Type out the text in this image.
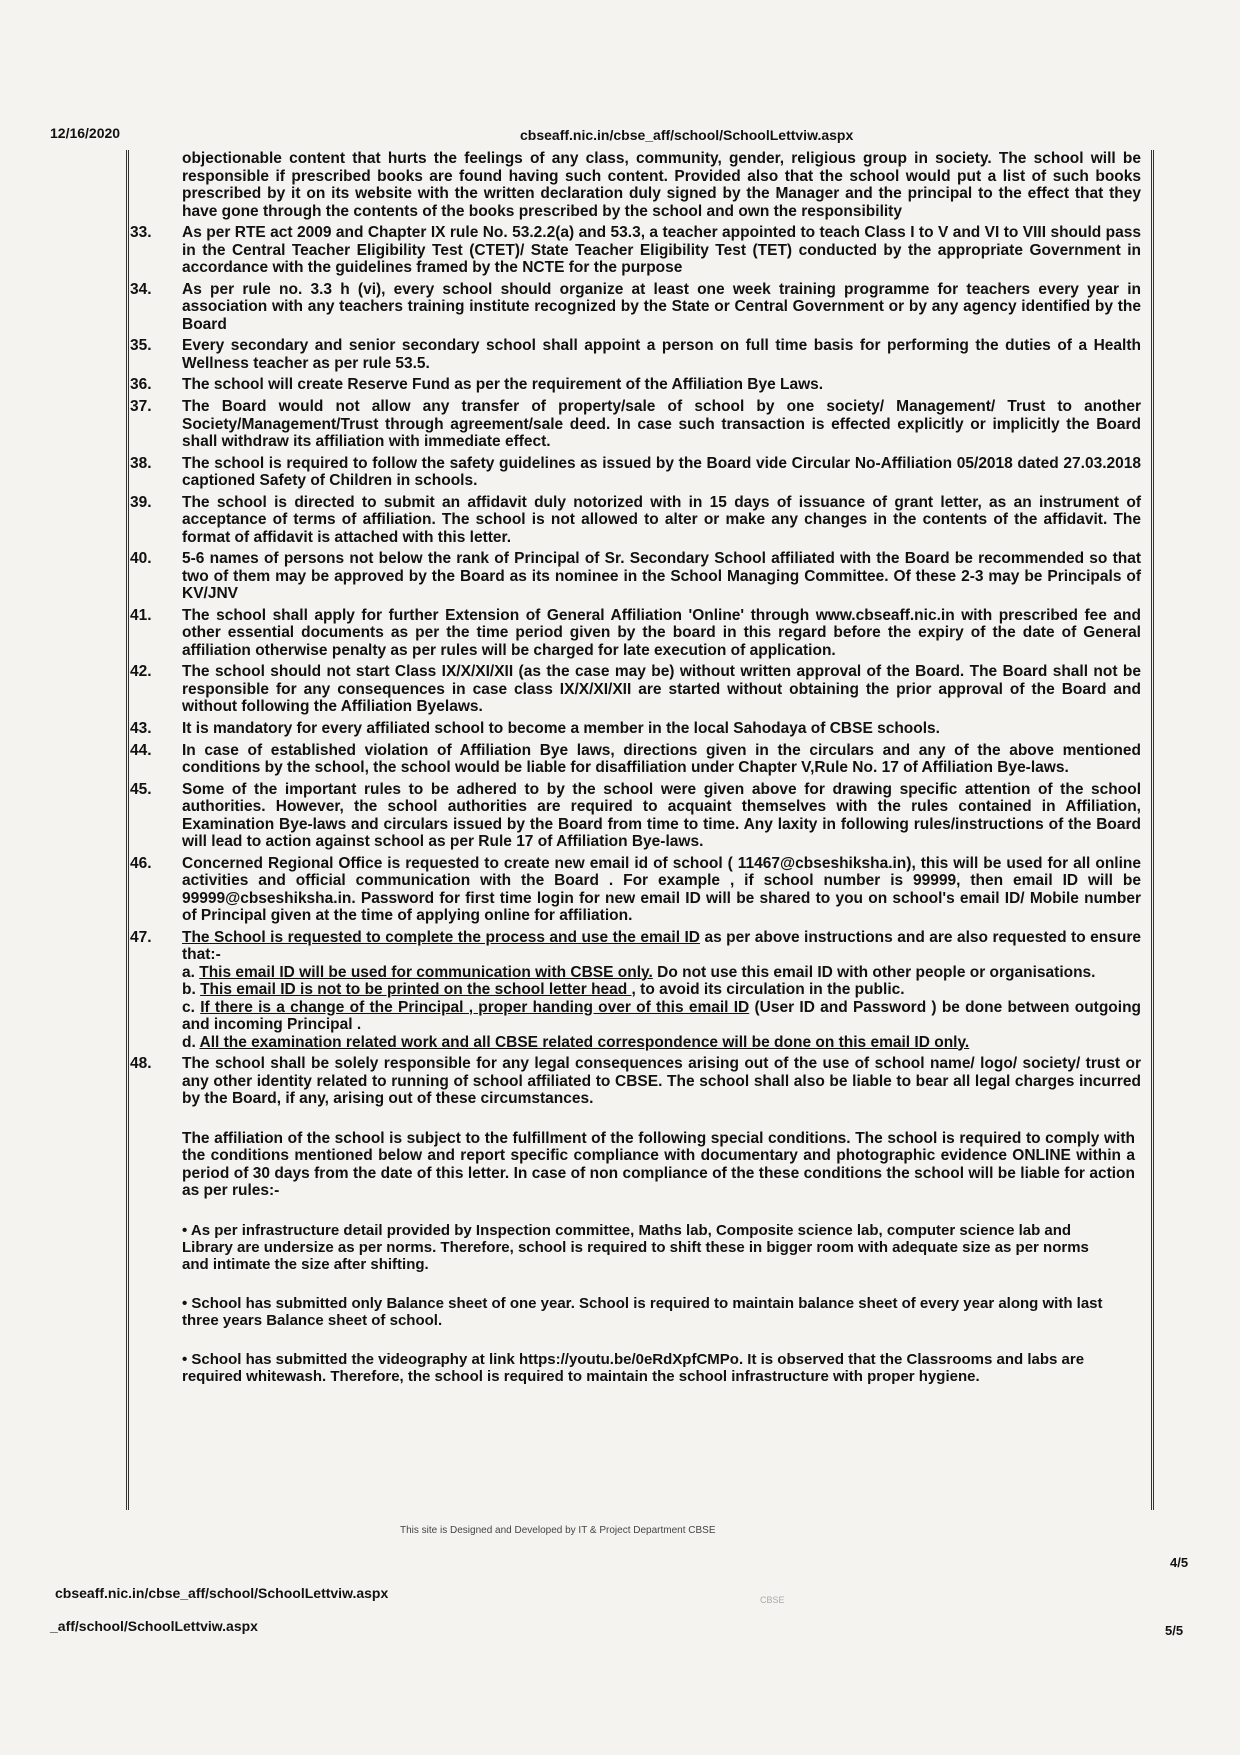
12/16/2020	cbseaff.nic.in/cbse_aff/school/SchoolLettviw.aspx
objectionable content that hurts the feelings of any class, community, gender, religious group in society. The school will be responsible if prescribed books are found having such content. Provided also that the school would put a list of such books prescribed by it on its website with the written declaration duly signed by the Manager and the principal to the effect that they have gone through the contents of the books prescribed by the school and own the responsibility
33.	As per RTE act 2009 and Chapter IX rule No. 53.2.2(a) and 53.3, a teacher appointed to teach Class I to V and VI to VIII should pass in the Central Teacher Eligibility Test (CTET)/ State Teacher Eligibility Test (TET) conducted by the appropriate Government in accordance with the guidelines framed by the NCTE for the purpose
34.	As per rule no. 3.3 h (vi), every school should organize at least one week training programme for teachers every year in association with any teachers training institute recognized by the State or Central Government or by any agency identified by the Board
35.	Every secondary and senior secondary school shall appoint a person on full time basis for performing the duties of a Health Wellness teacher as per rule 53.5.
36.	The school will create Reserve Fund as per the requirement of the Affiliation Bye Laws.
37.	The Board would not allow any transfer of property/sale of school by one society/ Management/ Trust to another Society/Management/Trust through agreement/sale deed. In case such transaction is effected explicitly or implicitly the Board shall withdraw its affiliation with immediate effect.
38.	The school is required to follow the safety guidelines as issued by the Board vide Circular No-Affiliation 05/2018 dated 27.03.2018 captioned Safety of Children in schools.
39.	The school is directed to submit an affidavit duly notorized with in 15 days of issuance of grant letter, as an instrument of acceptance of terms of affiliation. The school is not allowed to alter or make any changes in the contents of the affidavit. The format of affidavit is attached with this letter.
40.	5-6 names of persons not below the rank of Principal of Sr. Secondary School affiliated with the Board be recommended so that two of them may be approved by the Board as its nominee in the School Managing Committee. Of these 2-3 may be Principals of KV/JNV
41.	The school shall apply for further Extension of General Affiliation 'Online' through www.cbseaff.nic.in with prescribed fee and other essential documents as per the time period given by the board in this regard before the expiry of the date of General affiliation otherwise penalty as per rules will be charged for late execution of application.
42.	The school should not start Class IX/X/XI/XII (as the case may be) without written approval of the Board. The Board shall not be responsible for any consequences in case class IX/X/XI/XII are started without obtaining the prior approval of the Board and without following the Affiliation Byelaws.
43.	It is mandatory for every affiliated school to become a member in the local Sahodaya of CBSE schools.
44.	In case of established violation of Affiliation Bye laws, directions given in the circulars and any of the above mentioned conditions by the school, the school would be liable for disaffiliation under Chapter V,Rule No. 17 of Affiliation Bye-laws.
45.	Some of the important rules to be adhered to by the school were given above for drawing specific attention of the school authorities. However, the school authorities are required to acquaint themselves with the rules contained in Affiliation, Examination Bye-laws and circulars issued by the Board from time to time. Any laxity in following rules/instructions of the Board will lead to action against school as per Rule 17 of Affiliation Bye-laws.
46.	Concerned Regional Office is requested to create new email id of school ( 11467@cbseshiksha.in), this will be used for all online activities and official communication with the Board . For example , if school number is 99999, then email ID will be 99999@cbseshiksha.in. Password for first time login for new email ID will be shared to you on school's email ID/ Mobile number of Principal given at the time of applying online for affiliation.
47.	The School is requested to complete the process and use the email ID as per above instructions and are also requested to ensure that:-
a. This email ID will be used for communication with CBSE only. Do not use this email ID with other people or organisations.
b. This email ID is not to be printed on the school letter head , to avoid its circulation in the public.
c. If there is a change of the Principal , proper handing over of this email ID (User ID and Password ) be done between outgoing and incoming Principal .
d. All the examination related work and all CBSE related correspondence will be done on this email ID only.
48.	The school shall be solely responsible for any legal consequences arising out of the use of school name/ logo/ society/ trust or any other identity related to running of school affiliated to CBSE. The school shall also be liable to bear all legal charges incurred by the Board, if any, arising out of these circumstances.
The affiliation of the school is subject to the fulfillment of the following special conditions. The school is required to comply with the conditions mentioned below and report specific compliance with documentary and photographic evidence ONLINE within a period of 30 days from the date of this letter. In case of non compliance of the these conditions the school will be liable for action as per rules:-
• As per infrastructure detail provided by Inspection committee, Maths lab, Composite science lab, computer science lab and Library are undersize as per norms. Therefore, school is required to shift these in bigger room with adequate size as per norms and intimate the size after shifting.
• School has submitted only Balance sheet of one year. School is required to maintain balance sheet of every year along with last three years Balance sheet of school.
• School has submitted the videography at link https://youtu.be/0eRdXpfCMPo. It is observed that the Classrooms and labs are required whitewash. Therefore, the school is required to maintain the school infrastructure with proper hygiene.
This site is Designed and Developed by IT & Project Department CBSE
4/5
cbseaff.nic.in/cbse_aff/school/SchoolLettviw.aspx	CBSE
_aff/school/SchoolLettviw.aspx	5/5
